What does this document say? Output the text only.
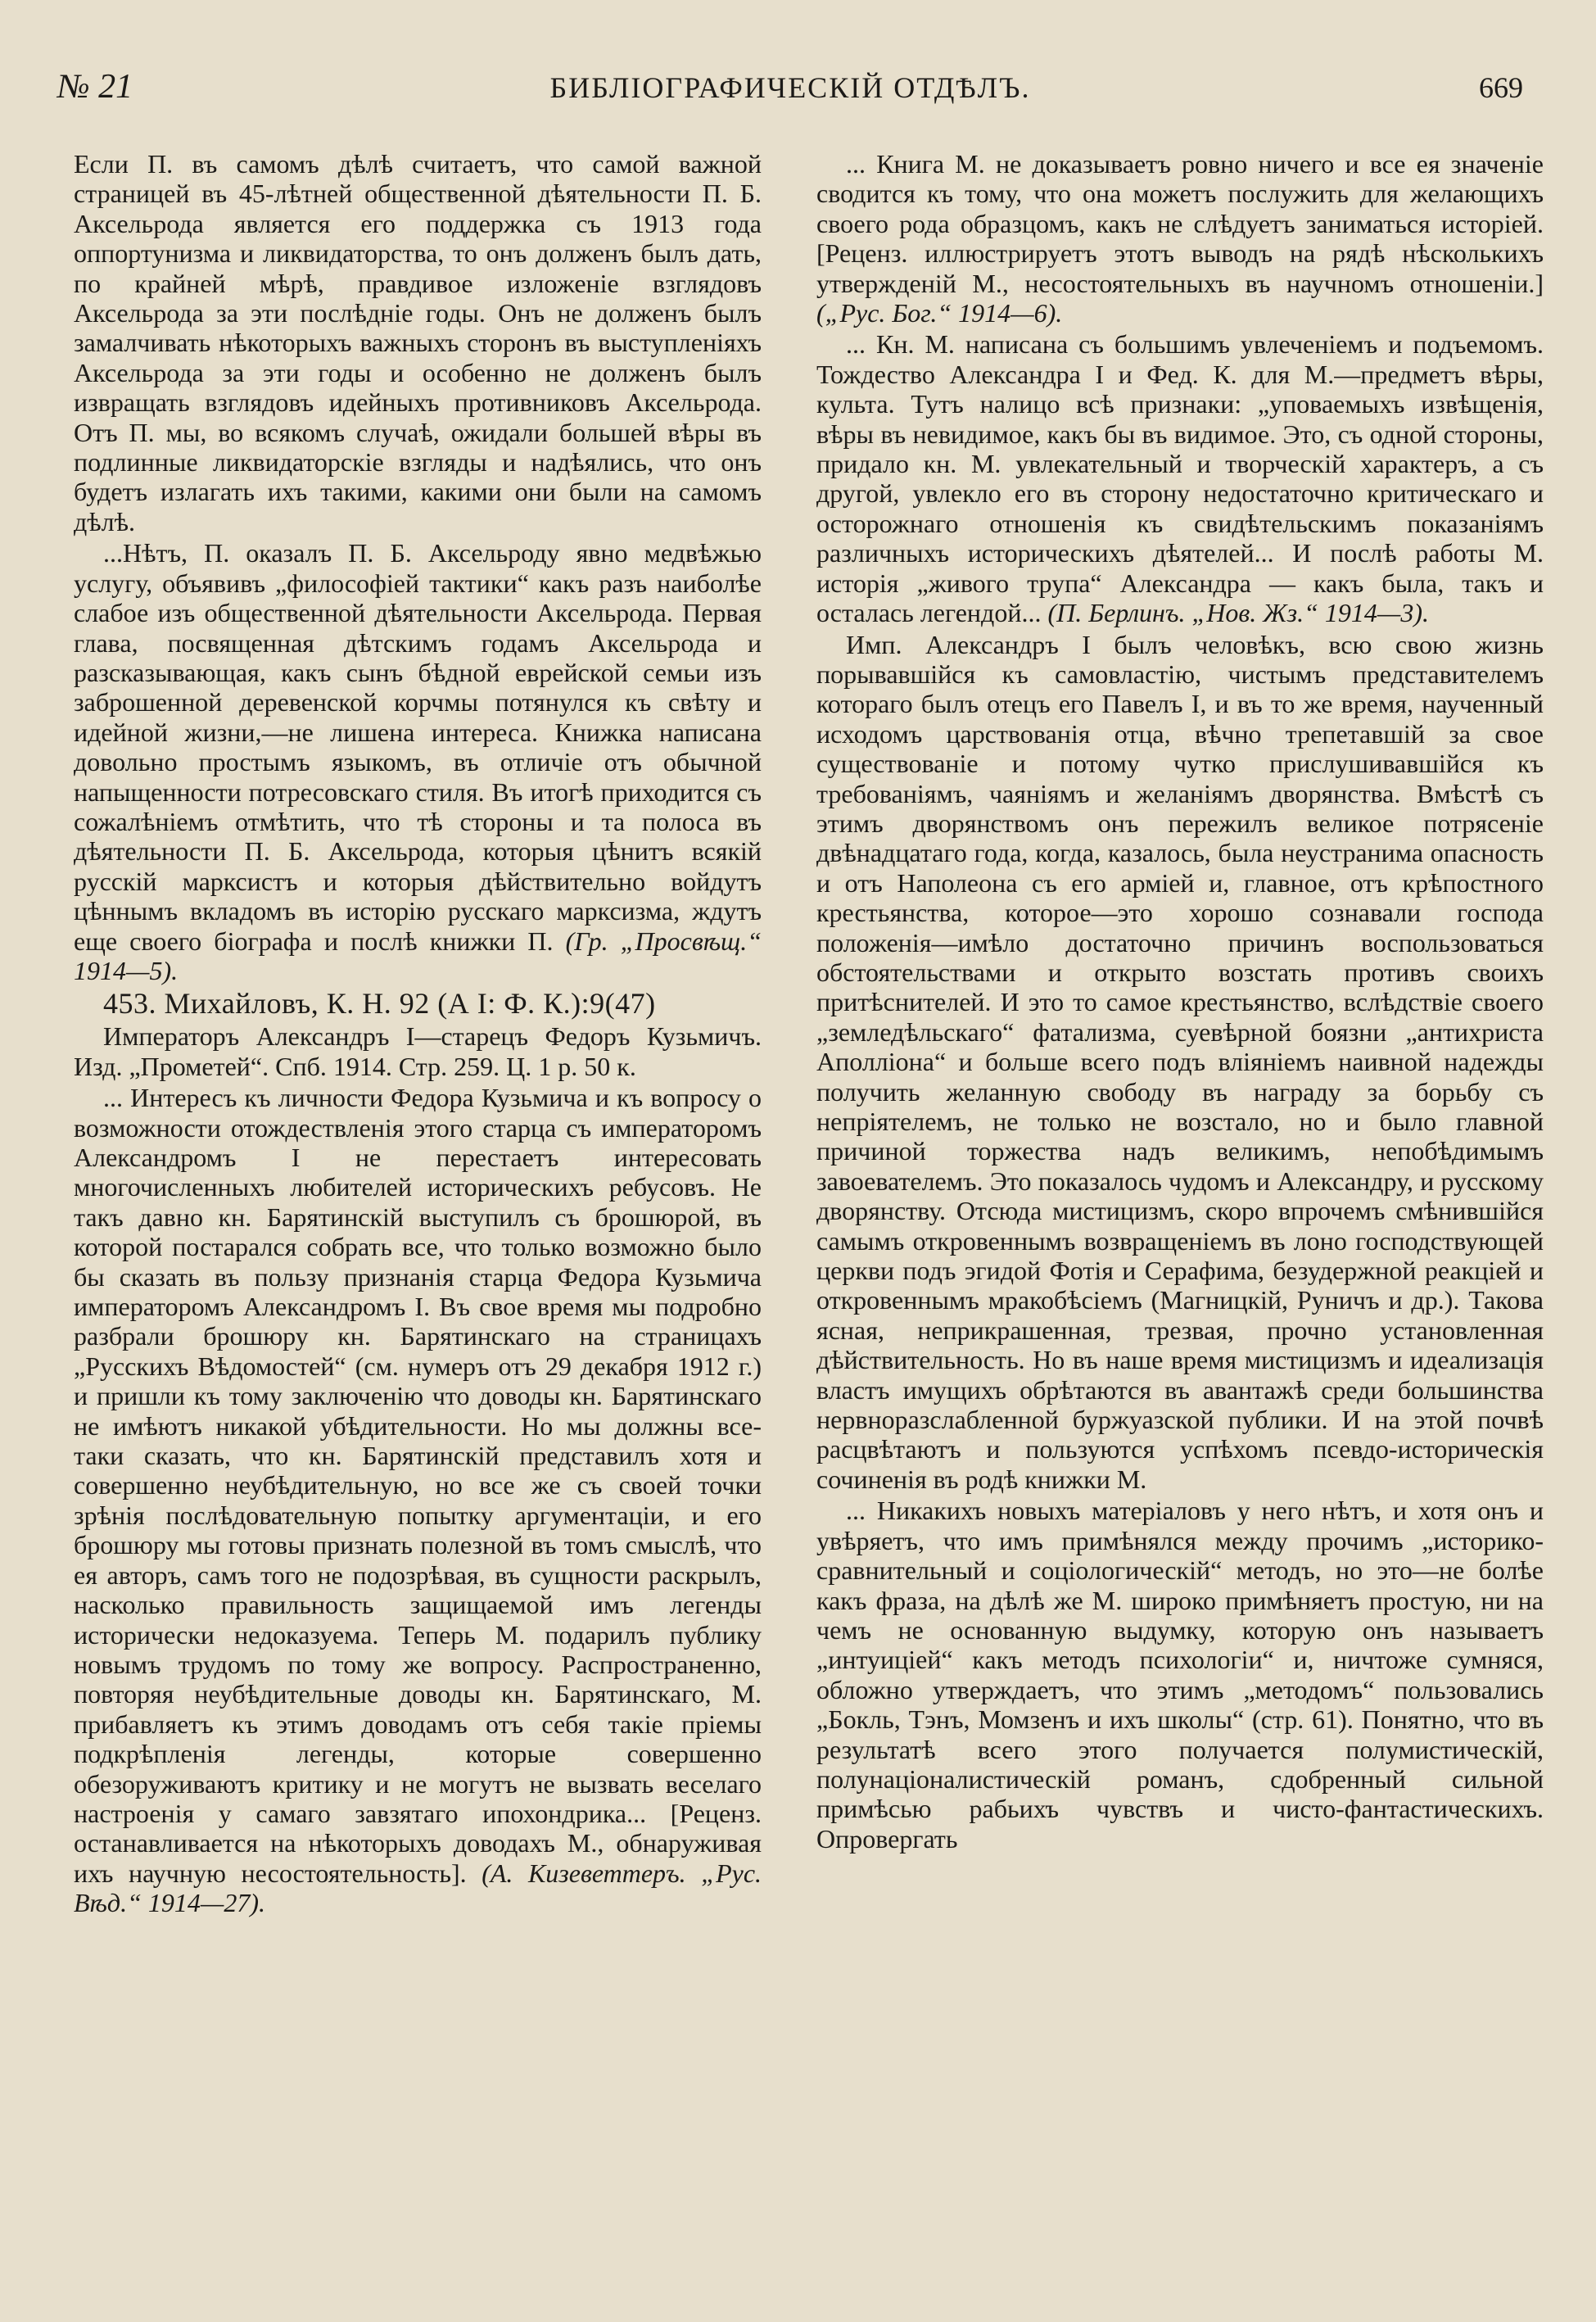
№ 21	БИБЛІОГРАФИЧЕСКІЙ ОТДѢЛЪ.	669

Если П. въ самомъ дѣлѣ считаетъ, что самой важной страницей въ 45-лѣтней общественной дѣятельности П. Б. Аксельрода является его поддержка съ 1913 года оппортунизма и ликвидаторства, то онъ долженъ былъ дать, по крайней мѣрѣ, правдивое изложеніе взглядовъ Аксельрода за эти послѣдніе годы. Онъ не долженъ былъ замалчивать нѣкоторыхъ важныхъ сторонъ въ выступленіяхъ Аксельрода за эти годы и особенно не долженъ былъ извращать взглядовъ идейныхъ противниковъ Аксельрода. Отъ П. мы, во всякомъ случаѣ, ожидали большей вѣры въ подлинные ликвидаторскіе взгляды и надѣялись, что онъ будетъ излагать ихъ такими, какими они были на самомъ дѣлѣ.

...Нѣтъ, П. оказалъ П. Б. Аксельроду явно медвѣжью услугу, объявивъ „философіей тактики“ какъ разъ наиболѣе слабое изъ общественной дѣятельности Аксельрода. Первая глава, посвященная дѣтскимъ годамъ Аксельрода и разсказывающая, какъ сынъ бѣдной еврейской семьи изъ заброшенной деревенской корчмы потянулся къ свѣту и идейной жизни,—не лишена интереса. Книжка написана довольно простымъ языкомъ, въ отличіе отъ обычной напыщенности потресовскаго стиля. Въ итогѣ приходится съ сожалѣніемъ отмѣтить, что тѣ стороны и та полоса въ дѣятельности П. Б. Аксельрода, которыя цѣнитъ всякій русскій марксистъ и которыя дѣйствительно войдутъ цѣннымъ вкладомъ въ исторію русскаго марксизма, ждутъ еще своего біографа и послѣ книжки П. (Гр. „Просвѣщ.“ 1914—5).

453. Михайловъ, К. Н. 92 (А I: Ф. К.):9(47)

Императоръ Александръ I—старецъ Федоръ Кузьмичъ. Изд. „Прометей“. Спб. 1914. Стр. 259. Ц. 1 р. 50 к.

... Интересъ къ личности Федора Кузьмича и къ вопросу о возможности отождествленія этого старца съ императоромъ Александромъ I не перестаетъ интересовать многочисленныхъ любителей историческихъ ребусовъ. Не такъ давно кн. Барятинскій выступилъ съ брошюрой, въ которой постарался собрать все, что только возможно было бы сказать въ пользу признанія старца Федора Кузьмича императоромъ Александромъ I. Въ свое время мы подробно разбрали брошюру кн. Барятинскаго на страницахъ „Русскихъ Вѣдомостей“ (см. нумеръ отъ 29 декабря 1912 г.) и пришли къ тому заключенію что доводы кн. Барятинскаго не имѣютъ никакой убѣдительности. Но мы должны все-таки сказать, что кн. Барятинскій представилъ хотя и совершенно неубѣдительную, но все же съ своей точки зрѣнія послѣдовательную попытку аргументаціи, и его брошюру мы готовы признать полезной въ томъ смыслѣ, что ея авторъ, самъ того не подозрѣвая, въ сущности раскрылъ, насколько правильность защищаемой имъ легенды исторически недоказуема. Теперь М. подарилъ публику новымъ трудомъ по тому же вопросу. Распространенно, повторяя неубѣдительные доводы кн. Барятинскаго, М. прибавляетъ къ этимъ доводамъ отъ себя такіе пріемы подкрѣпленія легенды, которые совершенно обезоруживаютъ критику и не могутъ не вызвать веселаго настроенія у самаго завзятаго ипохондрика... [Реценз. останавливается на нѣкоторыхъ доводахъ М., обнаруживая ихъ научную несостоятельность]. (А. Кизеветтеръ. „Рус. Вѣд.“ 1914—27).

... Книга М. не доказываетъ ровно ничего и все ея значеніе сводится къ тому, что она можетъ послужить для желающихъ своего рода образцомъ, какъ не слѣдуетъ заниматься исторіей. [Реценз. иллюстрируетъ этотъ выводъ на рядѣ нѣсколькихъ утвержденій М., несостоятельныхъ въ научномъ отношеніи.] („Рус. Бог.“ 1914—6).

... Кн. М. написана съ большимъ увлеченіемъ и подъемомъ. Тождество Александра I и Фед. К. для М.—предметъ вѣры, культа. Тутъ налицо всѣ признаки: „уповаемыхъ извѣщенія, вѣры въ невидимое, какъ бы въ видимое. Это, съ одной стороны, придало кн. М. увлекательный и творческій характеръ, а съ другой, увлекло его въ сторону недостаточно критическаго и осторожнаго отношенія къ свидѣтельскимъ показаніямъ различныхъ историческихъ дѣятелей... И послѣ работы М. исторія „живого трупа“ Александра — какъ была, такъ и осталась легендой... (П. Берлинъ. „Нов. Жз.“ 1914—3).

Имп. Александръ I былъ человѣкъ, всю свою жизнь порывавшійся къ самовластію, чистымъ представителемъ котораго былъ отецъ его Павелъ I, и въ то же время, наученный исходомъ царствованія отца, вѣчно трепетавшій за свое существованіе и потому чутко прислушивавшійся къ требованіямъ, чаяніямъ и желаніямъ дворянства. Вмѣстѣ съ этимъ дворянствомъ онъ пережилъ великое потрясеніе двѣнадцатаго года, когда, казалось, была неустранима опасность и отъ Наполеона съ его арміей и, главное, отъ крѣпостного крестьянства, которое—это хорошо сознавали господа положенія—имѣло достаточно причинъ воспользоваться обстоятельствами и открыто возстать противъ своихъ притѣснителей. И это то самое крестьянство, вслѣдствіе своего „земледѣльскаго“ фатализма, суевѣрной боязни „антихриста Аполліона“ и больше всего подъ вліяніемъ наивной надежды получить желанную свободу въ награду за борьбу съ непріятелемъ, не только не возстало, но и было главной причиной торжества надъ великимъ, непобѣдимымъ завоевателемъ. Это показалось чудомъ и Александру, и русскому дворянству. Отсюда мистицизмъ, скоро впрочемъ смѣнившійся самымъ откровеннымъ возвращеніемъ въ лоно господствующей церкви подъ эгидой Фотія и Серафима, безудержной реакціей и откровеннымъ мракобѣсіемъ (Магницкій, Руничъ и др.). Такова ясная, неприкрашенная, трезвая, прочно установленная дѣйствительность. Но въ наше время мистицизмъ и идеализація властъ имущихъ обрѣтаются въ авантажѣ среди большинства нервноразслабленной буржуазской публики. И на этой почвѣ расцвѣтаютъ и пользуются успѣхомъ псевдо-историческія сочиненія въ родѣ книжки М.

... Никакихъ новыхъ матеріаловъ у него нѣтъ, и хотя онъ и увѣряетъ, что имъ примѣнялся между прочимъ „историко-сравнительный и соціологическій“ методъ, но это—не болѣе какъ фраза, на дѣлѣ же М. широко примѣняетъ простую, ни на чемъ не основанную выдумку, которую онъ называетъ „интуиціей“ какъ методъ психологіи“ и, ничтоже сумняся, обложно утверждаетъ, что этимъ „методомъ“ пользовались „Бокль, Тэнъ, Момзенъ и ихъ школы“ (стр. 61). Понятно, что въ результатѣ всего этого получается полумистическій, полунаціоналистическій романъ, сдобренный сильной примѣсью рабьихъ чувствъ и чисто-фантастическихъ. Опровергать
